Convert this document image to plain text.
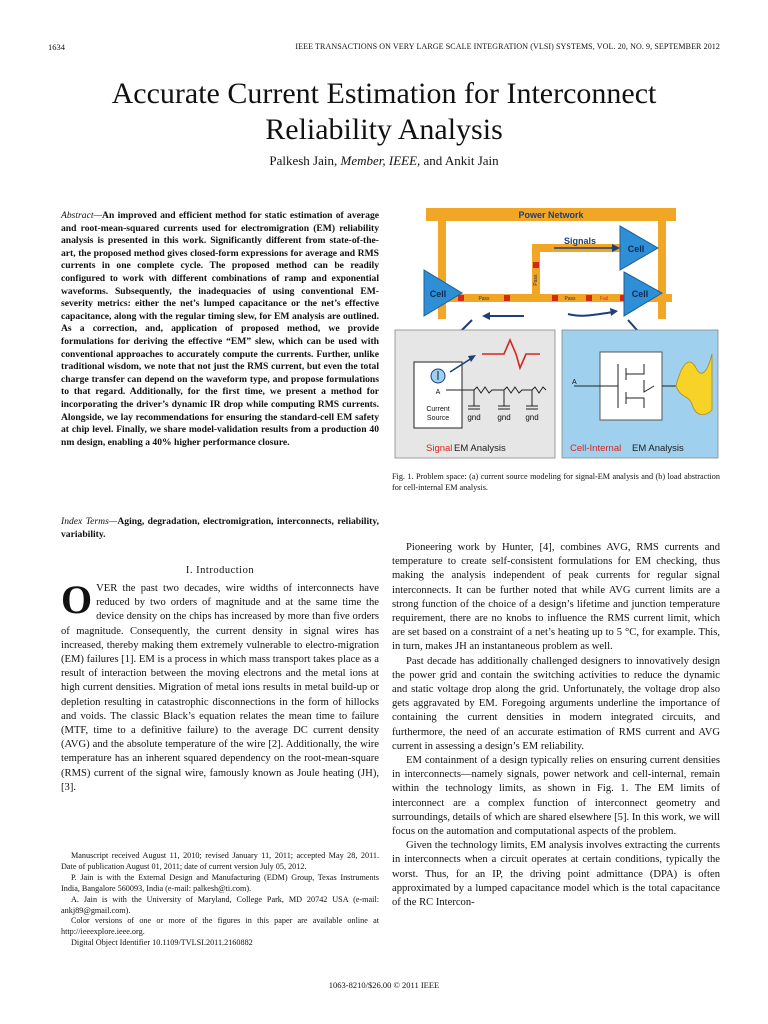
1634	IEEE TRANSACTIONS ON VERY LARGE SCALE INTEGRATION (VLSI) SYSTEMS, VOL. 20, NO. 9, SEPTEMBER 2012
Accurate Current Estimation for Interconnect Reliability Analysis
Palkesh Jain, Member, IEEE, and Ankit Jain
Abstract—An improved and efficient method for static estimation of average and root-mean-squared currents used for electromigration (EM) reliability analysis is presented in this work. Significantly different from state-of-the-art, the proposed method gives closed-form expressions for average and RMS currents in one complete cycle. The proposed method can be readily configured to work with different combinations of ramp and exponential waveforms. Subsequently, the inadequacies of using conventional EM-severity metrics: either the net’s lumped capacitance or the net’s effective capacitance, along with the regular timing slew, for EM analysis are outlined. As a correction, and, application of proposed method, we provide formulations for deriving the effective “EM” slew, which can be used with conventional approaches to accurately compute the currents. Further, unlike traditional wisdom, we note that not just the RMS current, but even the total charge transfer can depend on the waveform type, and propose formulations to that regard. Additionally, for the first time, we present a method for incorporating the driver’s dynamic IR drop while computing RMS currents. Alongside, we lay recommendations for ensuring the standard-cell EM safety at chip level. Finally, we share model-validation results from a production 40 nm design, enabling a 40% higher performance closure.
Index Terms—Aging, degradation, electromigration, interconnects, reliability, variability.
I. Introduction
OVER the past two decades, wire widths of interconnects have reduced by two orders of magnitude and at the same time the device density on the chips has increased by more than five orders of magnitude. Consequently, the current density in signal wires has increased, thereby making them extremely vulnerable to electro-migration (EM) failures [1]. EM is a process in which mass transport takes place as a result of interaction between the moving electrons and the metal ions at high current densities. Migration of metal ions results in metal build-up or depletion resulting in catastrophic disconnections in the form of hillocks and voids. The classic Black’s equation relates the mean time to failure (MTF, time to a definitive failure) to the average DC current density (AVG) and the absolute temperature of the wire [2]. Additionally, the wire temperature has an inherent squared dependency on the root-mean-square (RMS) current of the signal wire, famously known as Joule heating (JH), [3].

Manuscript received August 11, 2010; revised January 11, 2011; accepted May 28, 2011. Date of publication August 01, 2011; date of current version July 05, 2012.

P. Jain is with the External Design and Manufacturing (EDM) Group, Texas Instruments India, Bangalore 560093, India (e-mail: palkesh@ti.com).

A. Jain is with the University of Maryland, College Park, MD 20742 USA (e-mail: ankj89@gmail.com).

Color versions of one or more of the figures in this paper are available online at http://ieeexplore.ieee.org.

Digital Object Identifier 10.1109/TVLSI.2011.2160882

Power Network
Pass	Pass	Fail
Pass
Cell	Cell
Cell
Signals
A
Current
Source gnd gnd gnd
Signal EM Analysis
A
Cell-Internal EM Analysis
Fig. 1. Problem space: (a) current source modeling for signal-EM analysis and (b) load abstraction for cell-internal EM analysis.

Pioneering work by Hunter, [4], combines AVG, RMS currents and temperature to create self-consistent formulations for EM checking, thus making the analysis independent of peak currents for regular signal interconnects. It can be further noted that while AVG current limits are a strong function of the choice of a design’s lifetime and junction temperature requirement, there are no knobs to influence the RMS current limit, which are set based on a constraint of a net’s heating up to 5 °C, for example. This, in turn, makes JH an instantaneous problem as well.

Past decade has additionally challenged designers to innovatively design the power grid and contain the switching activities to reduce the dynamic and static voltage drop along the grid. Unfortunately, the voltage drop also gets aggravated by EM. Foregoing arguments underline the importance of containing the current densities in modern integrated circuits, and furthermore, the need of an accurate estimation of RMS current and AVG current in assessing a design’s EM reliability.

EM containment of a design typically relies on ensuring current densities in interconnects—namely signals, power network and cell-internal, remain within the technology limits, as shown in Fig. 1. The EM limits of interconnect are a complex function of interconnect geometry and surroundings, details of which are shared elsewhere [5]. In this work, we will focus on the automation and computational aspects of the problem.

Given the technology limits, EM analysis involves extracting the currents in interconnects when a circuit operates at certain conditions, typically the worst. Thus, for an IP, the driving point admittance (DPA) is often approximated by a lumped capacitance model which is the total capacitance of the RC Intercon-

1063-8210/$26.00 © 2011 IEEE
